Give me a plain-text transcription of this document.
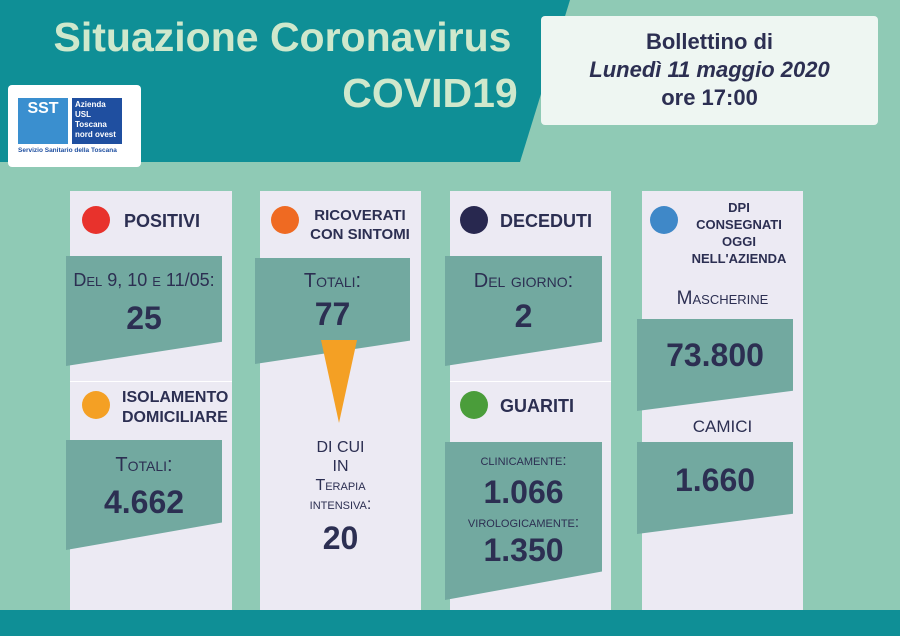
Situazione Coronavirus
COVID19
Bollettino di
Lunedì 11 maggio 2020
ore 17:00
SST	Azienda USL Toscana nord ovest
Servizio Sanitario della Toscana
POSITIVI
Del 9, 10 e 11/05:
25
ISOLAMENTO
DOMICILIARE
Totali:
4.662
RICOVERATI
CON SINTOMI
Totali:
77
DI CUI
IN
Terapia
intensiva:
20
DECEDUTI
Del giorno:
2
GUARITI
clinicamente:
1.066
virologicamente:
1.350
DPI
CONSEGNATI
OGGI
NELL'AZIENDA
Mascherine
73.800
CAMICI
1.660
